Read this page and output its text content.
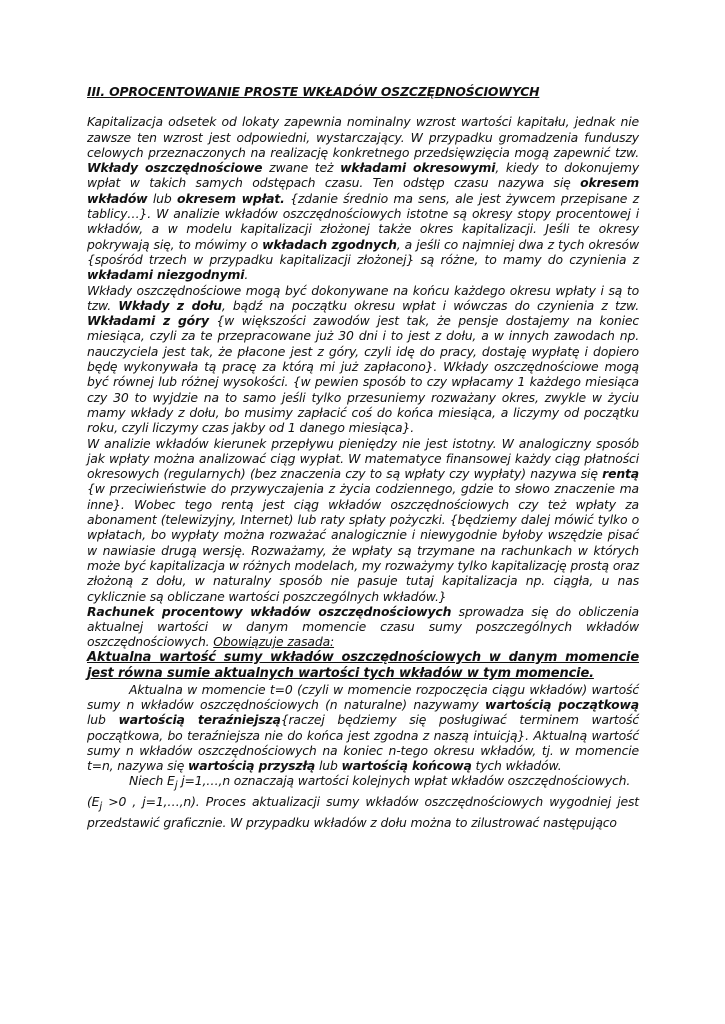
III. OPROCENTOWANIE PROSTE WKŁADÓW OSZCZĘDNOŚCIOWYCH

Kapitalizacja odsetek od lokaty zapewnia nominalny wzrost wartości kapitału, jednak nie zawsze ten wzrost jest odpowiedni, wystarczający. W przypadku gromadzenia funduszy celowych przeznaczonych na realizację konkretnego przedsięwzięcia mogą zapewnić tzw. Wkłady oszczędnościowe zwane też wkładami okresowymi, kiedy to dokonujemy wpłat w takich samych odstępach czasu. Ten odstęp czasu nazywa się okresem wkładów lub okresem wpłat. {zdanie średnio ma sens, ale jest żywcem przepisane z tablicy…}. W analizie wkładów oszczędnościowych istotne są okresy stopy procentowej i wkładów, a w modelu kapitalizacji złożonej także okres kapitalizacji. Jeśli te okresy pokrywają się, to mówimy o wkładach zgodnych, a jeśli co najmniej dwa z tych okresów {spośród trzech w przypadku kapitalizacji złożonej} są różne, to mamy do czynienia z wkładami niezgodnymi.

Wkłady oszczędnościowe mogą być dokonywane na końcu każdego okresu wpłaty i są to tzw. Wkłady z dołu, bądź na początku okresu wpłat i wówczas do czynienia z tzw. Wkładami z góry {w większości zawodów jest tak, że pensje dostajemy na koniec miesiąca, czyli za te przepracowane już 30 dni i to jest z dołu, a w innych zawodach np. nauczyciela jest tak, że płacone jest z góry, czyli idę do pracy, dostaję wypłatę i dopiero będę wykonywała tą pracę za którą mi już zapłacono}. Wkłady oszczędnościowe mogą być równej lub różnej wysokości. {w pewien sposób to czy wpłacamy 1 każdego miesiąca czy 30 to wyjdzie na to samo jeśli tylko przesuniemy rozważany okres, zwykle w życiu mamy wkłady z dołu, bo musimy zapłacić coś do końca miesiąca, a liczymy od początku roku, czyli liczymy czas jakby od 1 danego miesiąca}.

W analizie wkładów kierunek przepływu pieniędzy nie jest istotny. W analogiczny sposób jak wpłaty można analizować ciąg wypłat. W matematyce finansowej każdy ciąg płatności okresowych (regularnych) (bez znaczenia czy to są wpłaty czy wypłaty) nazywa się rentą {w przeciwieństwie do przywyczajenia z życia codziennego, gdzie to słowo znaczenie ma inne}. Wobec tego rentą jest ciąg wkładów oszczędnościowych czy też wpłaty za abonament (telewizyjny, Internet) lub raty spłaty pożyczki. {będziemy dalej mówić tylko o wpłatach, bo wypłaty można rozważać analogicznie i niewygodnie byłoby wszędzie pisać w nawiasie drugą wersję. Rozważamy, że wpłaty są trzymane na rachunkach w których może być kapitalizacja w różnych modelach, my rozważymy tylko kapitalizację prostą oraz złożoną z dołu, w naturalny sposób nie pasuje tutaj kapitalizacja np. ciągła, u nas cyklicznie są obliczane wartości poszczególnych wkładów.}

Rachunek procentowy wkładów oszczędnościowych sprowadza się do obliczenia aktualnej wartości w danym momencie czasu sumy poszczególnych wkładów oszczędnościowych. Obowiązuje zasada:

Aktualna wartość sumy wkładów oszczędnościowych w danym momencie jest równa sumie aktualnych wartości tych wkładów w tym momencie.

Aktualna w momencie t=0 (czyli w momencie rozpoczęcia ciągu wkładów) wartość sumy n wkładów oszczędnościowych (n naturalne) nazywamy wartością początkową lub wartością teraźniejszą{raczej będziemy się posługiwać terminem wartość początkowa, bo teraźniejsza nie do końca jest zgodna z naszą intuicją}. Aktualną wartość sumy n wkładów oszczędnościowych na koniec n-tego okresu wkładów, tj. w momencie t=n, nazywa się wartością przyszłą lub wartością końcową tych wkładów.

Niech $E_j$ j=1,…,n oznaczają wartości kolejnych wpłat wkładów oszczędnościowych.

($E_j >0$ , j=1,…,n). Proces aktualizacji sumy wkładów oszczędnościowych wygodniej jest przedstawić graficznie. W przypadku wkładów z dołu można to zilustrować następująco
